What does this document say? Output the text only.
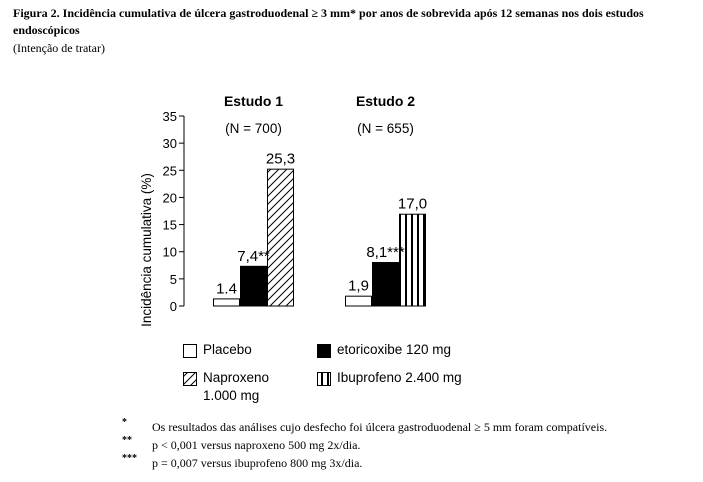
Figura 2. Incidência cumulativa de úlcera gastroduodenal ≥ 3 mm* por anos de sobrevida após 12 semanas nos dois estudos endoscópicos
(Intenção de tratar)
0
5
10
15
20
25
30
35
Incidência cumulativa (%)
Estudo 1
(N = 700)
1.4
7,4**
25,3
Estudo 2
(N = 655)
1,9
8,1***
17,0
Placebo	etoricoxibe 120 mg
Naproxeno
1.000 mg
Ibuprofeno 2.400 mg
*	Os resultados das análises cujo desfecho foi úlcera gastroduodenal ≥ 5 mm foram compatíveis.
**	p < 0,001 versus naproxeno 500 mg 2x/dia.
***	p = 0,007 versus ibuprofeno 800 mg 3x/dia.
